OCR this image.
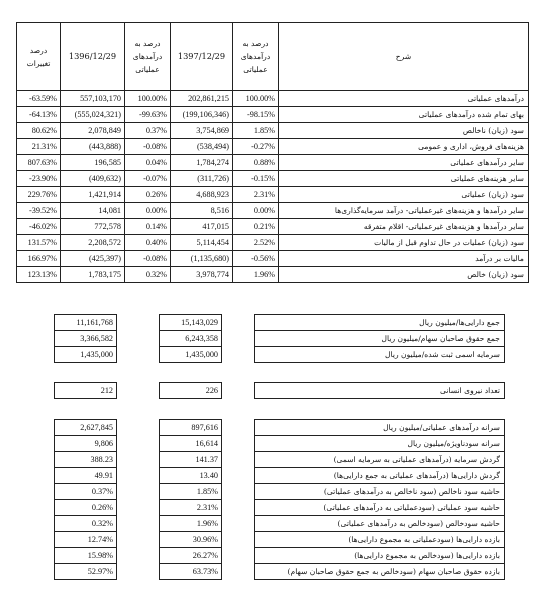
درصد تغییرات	1396/12/29	درصد به درآمدهای عملیاتی	1397/12/29	درصد به درآمدهای عملیاتی	شرح
-63.59%	557,103,170	100.00%	202,861,215	100.00%	درآمدهای عملیاتی
-64.13%	(555,024,321)	-99.63%	(199,106,346)	-98.15%	بهای تمام شده درآمدهای عملیاتی
80.62%	2,078,849	0.37%	3,754,869	1.85%	سود (زیان) ناخالص
21.31%	(443,888)	-0.08%	(538,494)	-0.27%	هزینه‌های فروش، اداری و عمومی
807.63%	196,585	0.04%	1,784,274	0.88%	سایر درآمدهای عملیاتی
-23.90%	(409,632)	-0.07%	(311,726)	-0.15%	سایر هزینه‌های عملیاتی
229.76%	1,421,914	0.26%	4,688,923	2.31%	سود (زیان) عملیاتی
-39.52%	14,081	0.00%	8,516	0.00%	سایر درآمدها و هزینه‌های غیرعملیاتی- درآمد سرمایه‌گذاری‌ها
-46.02%	772,578	0.14%	417,015	0.21%	سایر درآمدها و هزینه‌های غیرعملیاتی- اقلام متفرقه
131.57%	2,208,572	0.40%	5,114,454	2.52%	سود (زیان) عملیات در حال تداوم قبل از مالیات
166.97%	(425,397)	-0.08%	(1,135,680)	-0.56%	مالیات بر درآمد
123.13%	1,783,175	0.32%	3,978,774	1.96%	سود (زیان) خالص
11,161,768		15,143,029		جمع دارایی‌ها/میلیون ریال
3,366,582		6,243,358		جمع حقوق صاحبان سهام/میلیون ریال
1,435,000		1,435,000		سرمایه اسمی ثبت شده/میلیون ریال
212		226		تعداد نیروی انسانی
2,627,845		897,616		سرانه درآمدهای عملیاتی/میلیون ریال
9,806		16,614		سرانه سودناویژه/میلیون ریال
388.23		141.37		گردش سرمایه (درآمدهای عملیاتی به سرمایه اسمی)
49.91		13.40		گردش دارایی‌ها (درآمدهای عملیاتی به جمع دارایی‌ها)
0.37%		1.85%		حاشیه سود ناخالص (سود ناخالص به درآمدهای عملیاتی)
0.26%		2.31%		حاشیه سود عملیاتی (سودعملیاتی به درآمدهای عملیاتی)
0.32%		1.96%		حاشیه سودخالص (سودخالص به درآمدهای عملیاتی)
12.74%		30.96%		بازده دارایی‌ها (سودعملیاتی به مجموع دارایی‌ها)
15.98%		26.27%		بازده دارایی‌ها (سودخالص به مجموع دارایی‌ها)
52.97%		63.73%		بازده حقوق صاحبان سهام (سودخالص به جمع حقوق صاحبان سهام)
